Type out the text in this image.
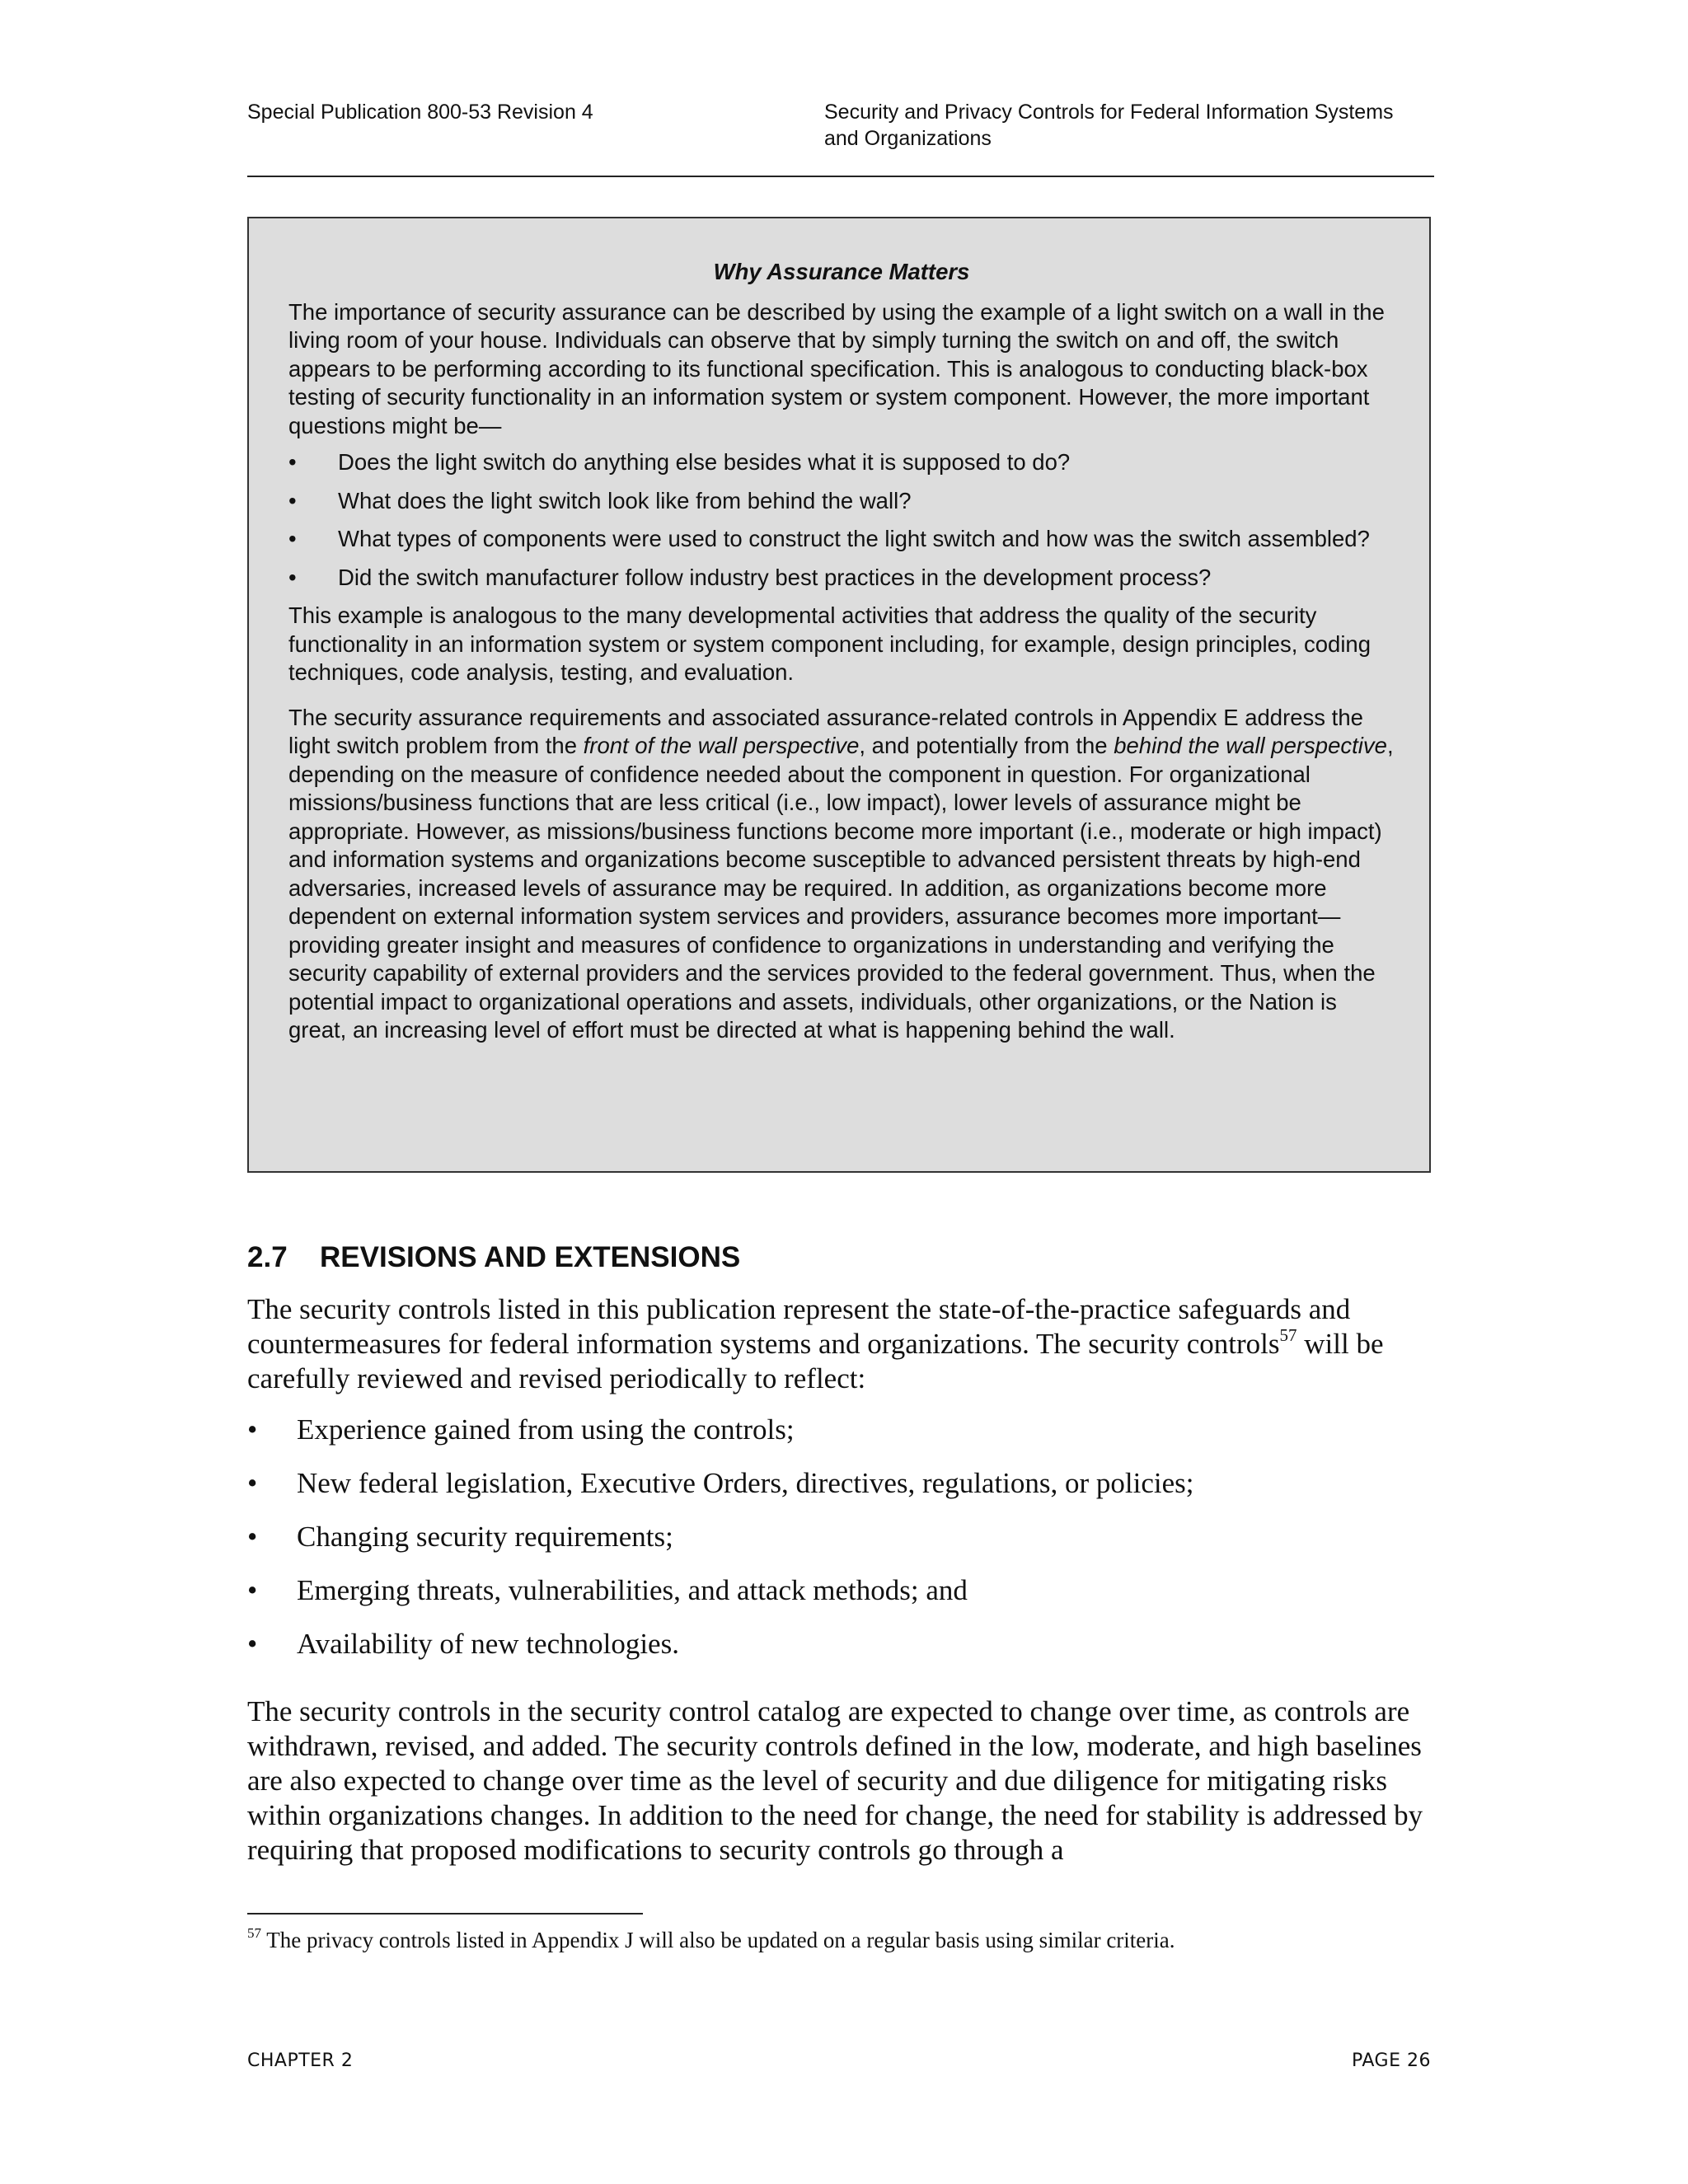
Special Publication 800-53 Revision 4	Security and Privacy Controls for Federal Information Systems
and Organizations
Why Assurance Matters

The importance of security assurance can be described by using the example of a light switch on a wall in the living room of your house. Individuals can observe that by simply turning the switch on and off, the switch appears to be performing according to its functional specification. This is analogous to conducting black-box testing of security functionality in an information system or system component. However, the more important questions might be—

• Does the light switch do anything else besides what it is supposed to do?
• What does the light switch look like from behind the wall?
• What types of components were used to construct the light switch and how was the switch assembled?
• Did the switch manufacturer follow industry best practices in the development process?

This example is analogous to the many developmental activities that address the quality of the security functionality in an information system or system component including, for example, design principles, coding techniques, code analysis, testing, and evaluation.

The security assurance requirements and associated assurance-related controls in Appendix E address the light switch problem from the front of the wall perspective, and potentially from the behind the wall perspective, depending on the measure of confidence needed about the component in question. For organizational missions/business functions that are less critical (i.e., low impact), lower levels of assurance might be appropriate. However, as missions/business functions become more important (i.e., moderate or high impact) and information systems and organizations become susceptible to advanced persistent threats by high-end adversaries, increased levels of assurance may be required. In addition, as organizations become more dependent on external information system services and providers, assurance becomes more important—providing greater insight and measures of confidence to organizations in understanding and verifying the security capability of external providers and the services provided to the federal government. Thus, when the potential impact to organizational operations and assets, individuals, other organizations, or the Nation is great, an increasing level of effort must be directed at what is happening behind the wall.

2.7 REVISIONS AND EXTENSIONS

The security controls listed in this publication represent the state-of-the-practice safeguards and countermeasures for federal information systems and organizations. The security controls$^{57}$ will be carefully reviewed and revised periodically to reflect:

• Experience gained from using the controls;
• New federal legislation, Executive Orders, directives, regulations, or policies;
• Changing security requirements;
• Emerging threats, vulnerabilities, and attack methods; and
• Availability of new technologies.

The security controls in the security control catalog are expected to change over time, as controls are withdrawn, revised, and added. The security controls defined in the low, moderate, and high baselines are also expected to change over time as the level of security and due diligence for mitigating risks within organizations changes. In addition to the need for change, the need for stability is addressed by requiring that proposed modifications to security controls go through a

$^{57}$ The privacy controls listed in Appendix J will also be updated on a regular basis using similar criteria.
CHAPTER 2	PAGE 26
